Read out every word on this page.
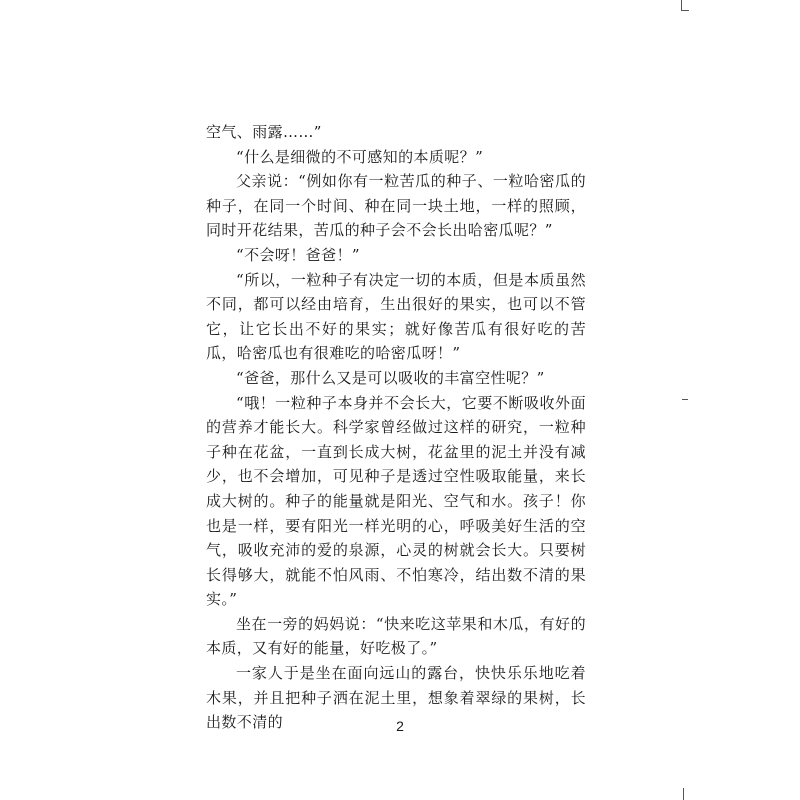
空气、雨露……”

“什么是细微的不可感知的本质呢？”

父亲说：“例如你有一粒苦瓜的种子、一粒哈密瓜的种子，在同一个时间、种在同一块土地，一样的照顾，同时开花结果，苦瓜的种子会不会长出哈密瓜呢？”

“不会呀！爸爸！”

“所以，一粒种子有决定一切的本质，但是本质虽然不同，都可以经由培育，生出很好的果实，也可以不管它，让它长出不好的果实；就好像苦瓜有很好吃的苦瓜，哈密瓜也有很难吃的哈密瓜呀！”

“爸爸，那什么又是可以吸收的丰富空性呢？”

“哦！一粒种子本身并不会长大，它要不断吸收外面的营养才能长大。科学家曾经做过这样的研究，一粒种子种在花盆，一直到长成大树，花盆里的泥土并没有减少，也不会增加，可见种子是透过空性吸取能量，来长成大树的。种子的能量就是阳光、空气和水。孩子！你也是一样，要有阳光一样光明的心，呼吸美好生活的空气，吸收充沛的爱的泉源，心灵的树就会长大。只要树长得够大，就能不怕风雨、不怕寒冷，结出数不清的果实。”

坐在一旁的妈妈说：“快来吃这苹果和木瓜，有好的本质，又有好的能量，好吃极了。”

一家人于是坐在面向远山的露台，快快乐乐地吃着木果，并且把种子洒在泥土里，想象着翠绿的果树，长出数不清的	2
